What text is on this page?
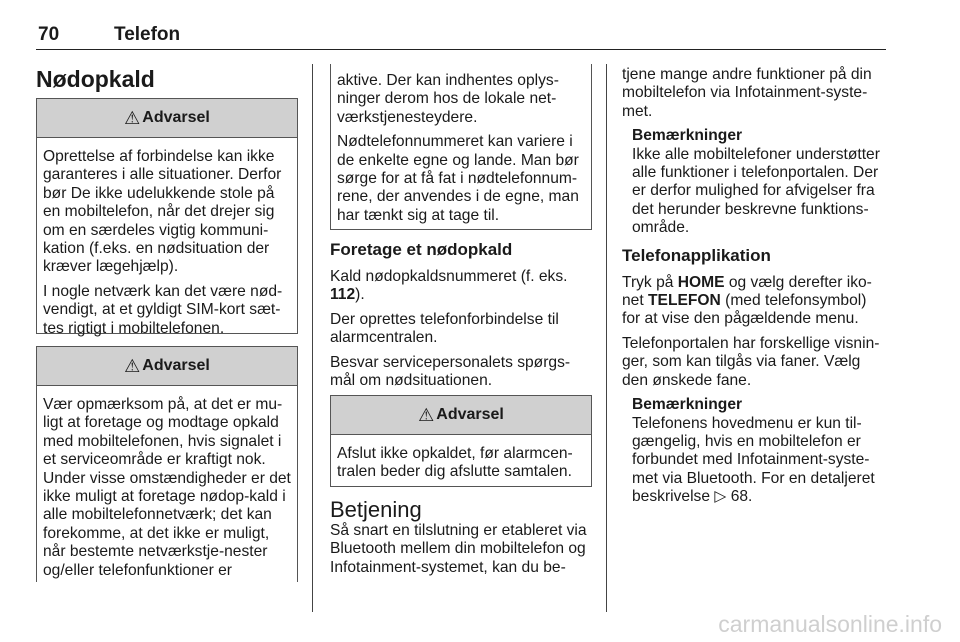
70	Telefon
Nødopkald
⚠ Advarsel

Oprettelse af forbindelse kan ikke garanteres i alle situationer. Derfor bør De ikke udelukkende stole på en mobiltelefon, når det drejer sig om en særdeles vigtig kommuni-kation (f.eks. en nødsituation der kræver lægehjælp).

I nogle netværk kan det være nød-vendigt, at et gyldigt SIM-kort sæt-tes rigtigt i mobiltelefonen.

⚠ Advarsel

Vær opmærksom på, at det er mu-ligt at foretage og modtage opkald med mobiltelefonen, hvis signalet i et serviceområde er kraftigt nok. Under visse omstændigheder er det ikke muligt at foretage nødop-kald i alle mobiltelefonnetværk; det kan forekomme, at det ikke er muligt, når bestemte netværkstje-nester og/eller telefonfunktioner er

aktive. Der kan indhentes oplys-ninger derom hos de lokale net-værkstjenesteydere.

Nødtelefonnummeret kan variere i de enkelte egne og lande. Man bør sørge for at få fat i nødtelefonnum-rene, der anvendes i de egne, man har tænkt sig at tage til.

Foretage et nødopkald

Kald nødopkaldsnummeret (f. eks. 112).

Der oprettes telefonforbindelse til alarmcentralen.

Besvar servicepersonalets spørgs-mål om nødsituationen.

⚠ Advarsel

Afslut ikke opkaldet, før alarmcen-tralen beder dig afslutte samtalen.

Betjening

Så snart en tilslutning er etableret via Bluetooth mellem din mobiltelefon og Infotainment-systemet, kan du be-

tjene mange andre funktioner på din mobiltelefon via Infotainment-syste-met.

Bemærkninger
Ikke alle mobiltelefoner understøtter alle funktioner i telefonportalen. Der er derfor mulighed for afvigelser fra det herunder beskrevne funktions-område.
Telefonapplikation

Tryk på HOME og vælg derefter iko-net TELEFON (med telefonsymbol) for at vise den pågældende menu.

Telefonportalen har forskellige visnin-ger, som kan tilgås via faner. Vælg den ønskede fane.

Bemærkninger
Telefonens hovedmenu er kun til-gængelig, hvis en mobiltelefon er forbundet med Infotainment-syste-met via Bluetooth. For en detaljeret beskrivelse ▷ 68.
carmanualsonline.info
